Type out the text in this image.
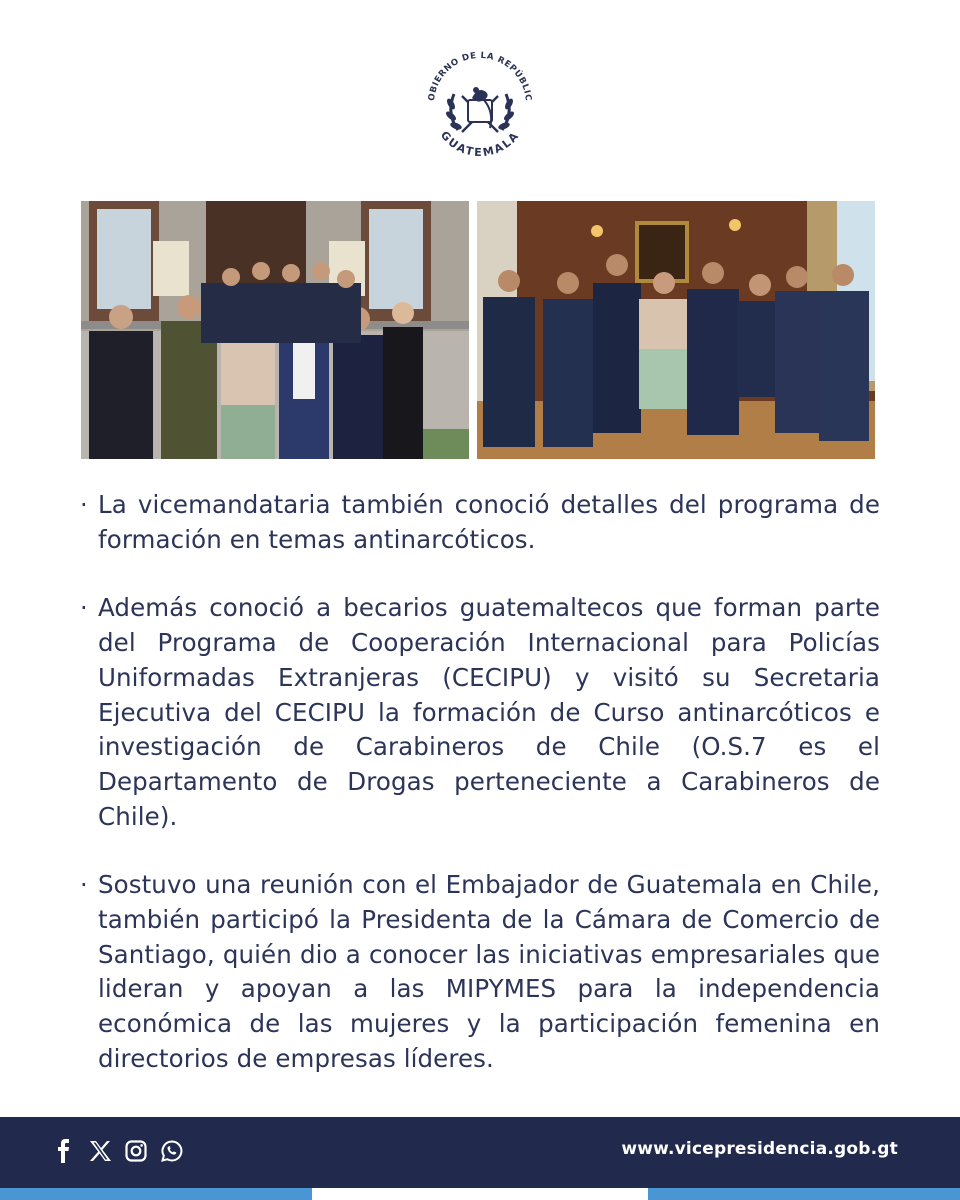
OBIERNO DE LA REPÚBLIC
GUATEMALA

· La vicemandataria también conoció detalles del programa de formación en temas antinarcóticos.

· Además conoció a becarios guatemaltecos que forman parte del Programa de Cooperación Internacional para Policías Uniformadas Extranjeras (CECIPU) y visitó su Secretaria Ejecutiva del CECIPU la formación de Curso antinarcóticos e investigación de Carabineros de Chile (O.S.7 es el Departamento de Drogas perteneciente a Carabineros de Chile).

· Sostuvo una reunión con el Embajador de Guatemala en Chile, también participó la Presidenta de la Cámara de Comercio de Santiago, quién dio a conocer las iniciativas empresariales que lideran y apoyan a las MIPYMES para la independencia económica de las mujeres y la participación femenina en directorios de empresas líderes.

www.vicepresidencia.gob.gt
